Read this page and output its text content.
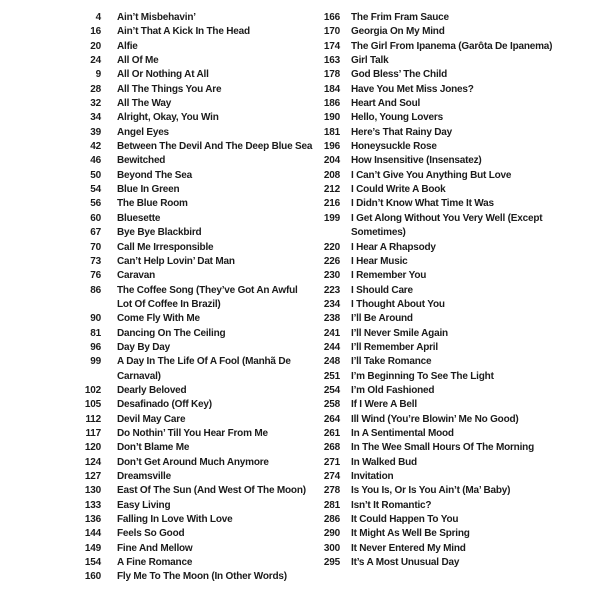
4 Ain’t Misbehavin’
16 Ain’t That A Kick In The Head
20 Alfie
24 All Of Me
9 All Or Nothing At All
28 All The Things You Are
32 All The Way
34 Alright, Okay, You Win
39 Angel Eyes
42 Between The Devil And The Deep Blue Sea
46 Bewitched
50 Beyond The Sea
54 Blue In Green
56 The Blue Room
60 Bluesette
67 Bye Bye Blackbird
70 Call Me Irresponsible
73 Can’t Help Lovin’ Dat Man
76 Caravan
86 The Coffee Song (They’ve Got An Awful Lot Of Coffee In Brazil)
90 Come Fly With Me
81 Dancing On The Ceiling
96 Day By Day
99 A Day In The Life Of A Fool (Manhã De Carnaval)
102 Dearly Beloved
105 Desafinado (Off Key)
112 Devil May Care
117 Do Nothin’ Till You Hear From Me
120 Don’t Blame Me
124 Don’t Get Around Much Anymore
127 Dreamsville
130 East Of The Sun (And West Of The Moon)
133 Easy Living
136 Falling In Love With Love
144 Feels So Good
149 Fine And Mellow
154 A Fine Romance
160 Fly Me To The Moon (In Other Words)
166 The Frim Fram Sauce
170 Georgia On My Mind
174 The Girl From Ipanema (Garôta De Ipanema)
163 Girl Talk
178 God Bless’ The Child
184 Have You Met Miss Jones?
186 Heart And Soul
190 Hello, Young Lovers
181 Here’s That Rainy Day
196 Honeysuckle Rose
204 How Insensitive (Insensatez)
208 I Can’t Give You Anything But Love
212 I Could Write A Book
216 I Didn’t Know What Time It Was
199 I Get Along Without You Very Well (Except Sometimes)
220 I Hear A Rhapsody
226 I Hear Music
230 I Remember You
223 I Should Care
234 I Thought About You
238 I’ll Be Around
241 I’ll Never Smile Again
244 I’ll Remember April
248 I’ll Take Romance
251 I’m Beginning To See The Light
254 I’m Old Fashioned
258 If I Were A Bell
264 Ill Wind (You’re Blowin’ Me No Good)
261 In A Sentimental Mood
268 In The Wee Small Hours Of The Morning
271 In Walked Bud
274 Invitation
278 Is You Is, Or Is You Ain’t (Ma’ Baby)
281 Isn’t It Romantic?
286 It Could Happen To You
290 It Might As Well Be Spring
300 It Never Entered My Mind
295 It’s A Most Unusual Day
